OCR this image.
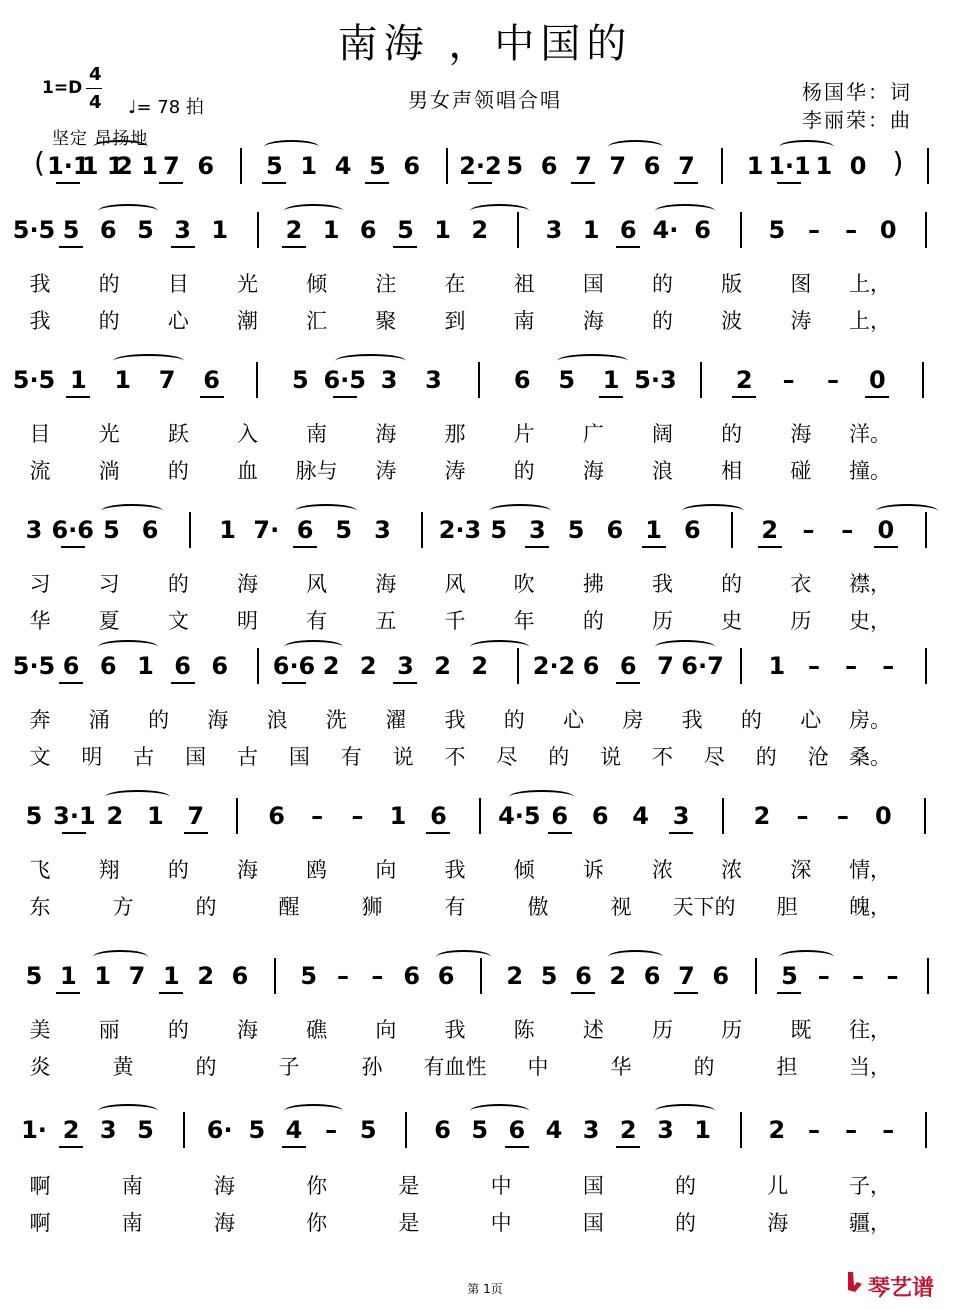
南海 ，中国的
1=D
4
4 ♩= 78 拍	男女声领唱合唱	杨国华：词
李丽荣：曲
坚定 昂扬地
( 1·1
1 1
2 1 7 6 5 1 4 5 6 2·2 5 6 7 7 6 7 1 1·1 1 0 )
5·5 5 6 5 3 1 2 1 6 5 1 2 3 1 6 4· 6 5 – – 0
我 的 目 光 倾 注 在 祖 国 的 版 图 上，
我 的 心 潮 汇 聚 到 南 海 的 波 涛 上，
5·5 1 1 7 6	5 6·5 3 3	6 5 1 5·3 2 – – 0
目 光 跃 入 南 海 那 片 广 阔 的 海 洋。
流 淌 的 血 脉与 涛 涛 的 海 浪 相 碰 撞。
3 6·6 5 6	1 7· 6 5 3 2·3 5 3 5 6 1 6	2 – – 0
习 习 的 海 风 海 风 吹 拂 我 的 衣 襟，
华 夏 文 明 有 五 千 年 的 历 史 历 史，
5·5 6 6 1 6 6 6·6 2 2 3 2 2 2·2 6 6 7 6·7 1 – – –
奔 涌 的 海 浪 洗 濯 我 的 心 房 我 的 心 房。
文 明 古 国 古 国 有 说 不 尽 的 说 不 尽 的 沧 桑。
5 3·1 2 1 7	6 – – 1 6 4·5 6 6 4 3	2 – – 0
飞 翔 的 海 鸥 向 我 倾 诉 浓 浓 深 情，
东	方	的	醒	狮	有	傲	视 天下的 胆 魄，
5 1 1 7 1 2 6 5 – – 6 6 2 5 6 2 6 7 6 5 – – –
美 丽 的 海 礁 向 我 陈 述 历 历 既 往，
炎	黄	的	子	孙 有血性 中	华	的	担 当，
1· 2 3 5 6· 5 4 – 5 6 5 6 4 3 2 3 1 2 – – –
啊	南	海	你	是	中	国	的	儿	子，
啊	南	海	你	是	中	国	的	海	疆，
第 1页	琴艺谱
